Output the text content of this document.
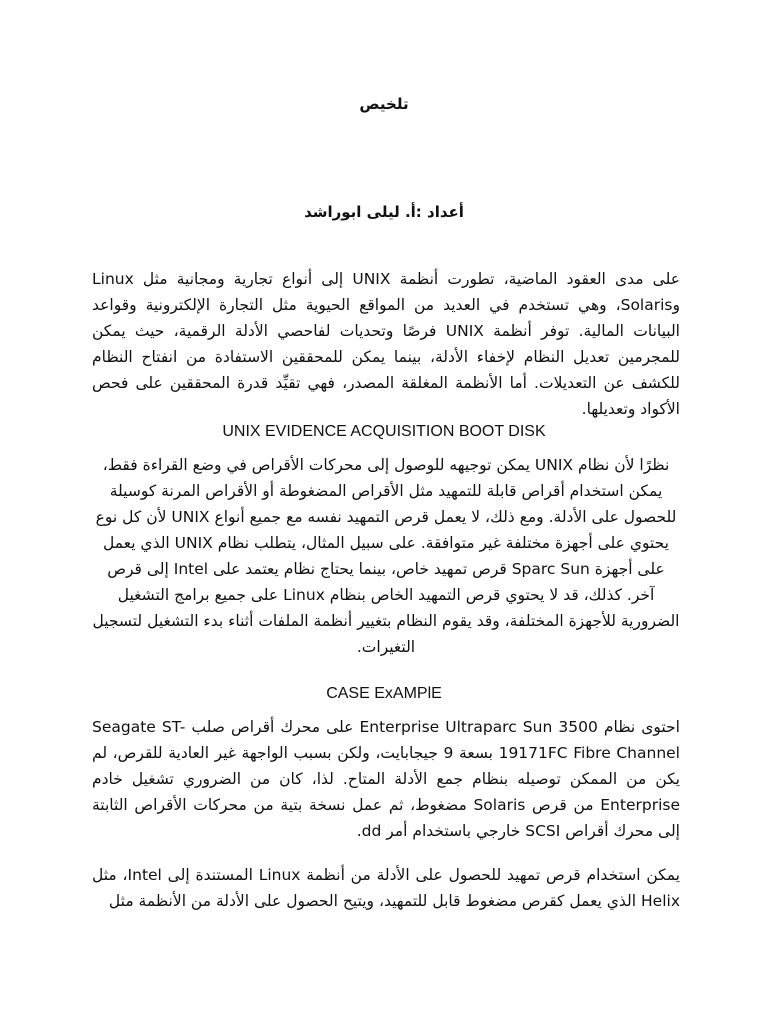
تلخيص
أعداد :أ. ليلى ابوراشد

على مدى العقود الماضية، تطورت أنظمة UNIX إلى أنواع تجارية ومجانية مثل Linux وSolaris، وهي تستخدم في العديد من المواقع الحيوية مثل التجارة الإلكترونية وقواعد البيانات المالية. توفر أنظمة UNIX فرصًا وتحديات لفاحصي الأدلة الرقمية، حيث يمكن للمجرمين تعديل النظام لإخفاء الأدلة، بينما يمكن للمحققين الاستفادة من انفتاح النظام للكشف عن التعديلات. أما الأنظمة المغلقة المصدر، فهي تقيِّد قدرة المحققين على فحص الأكواد وتعديلها.

UNIX EVIDENCE ACQUISITION BOOT DISK

نظرًا لأن نظام UNIX يمكن توجيهه للوصول إلى محركات الأقراص في وضع القراءة فقط، يمكن استخدام أقراص قابلة للتمهيد مثل الأقراص المضغوطة أو الأقراص المرنة كوسيلة للحصول على الأدلة. ومع ذلك، لا يعمل قرص التمهيد نفسه مع جميع أنواع UNIX لأن كل نوع يحتوي على أجهزة مختلفة غير متوافقة. على سبيل المثال، يتطلب نظام UNIX الذي يعمل على أجهزة Sparc Sun قرص تمهيد خاص، بينما يحتاج نظام يعتمد على Intel إلى قرص آخر. كذلك، قد لا يحتوي قرص التمهيد الخاص بنظام Linux على جميع برامج التشغيل الضرورية للأجهزة المختلفة، وقد يقوم النظام بتغيير أنظمة الملفات أثناء بدء التشغيل لتسجيل التغيرات.

CASE ExAMPlE

احتوى نظام Enterprise Ultraparc Sun 3500 على محرك أقراص صلب Seagate ST-19171FC Fibre Channel بسعة 9 جيجابايت، ولكن بسبب الواجهة غير العادية للقرص، لم يكن من الممكن توصيله بنظام جمع الأدلة المتاح. لذا، كان من الضروري تشغيل خادم Enterprise من قرص Solaris مضغوط، ثم عمل نسخة بتية من محركات الأقراص الثابتة إلى محرك أقراص SCSI خارجي باستخدام أمر dd.

يمكن استخدام قرص تمهيد للحصول على الأدلة من أنظمة Linux المستندة إلى Intel، مثل Helix الذي يعمل كقرص مضغوط قابل للتمهيد، ويتيح الحصول على الأدلة من الأنظمة مثل
